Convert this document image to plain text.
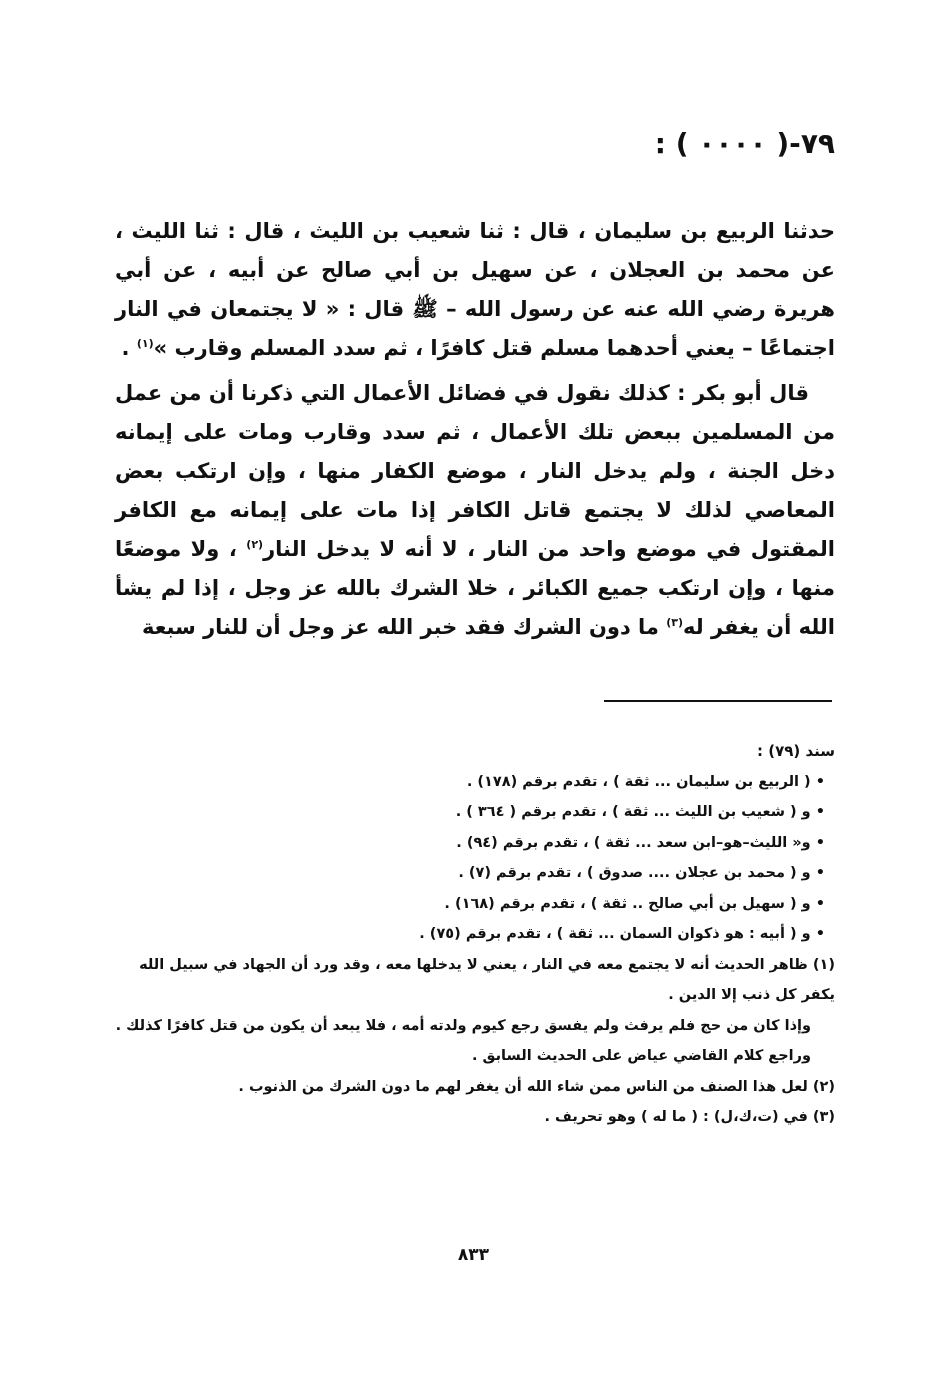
٧٩-( ٠٠٠٠ ) :

حدثنا الربيع بن سليمان ، قال : ثنا شعيب بن الليث ، قال : ثنا الليث ، عن محمد بن العجلان ، عن سهيل بن أبي صالح عن أبيه ، عن أبي هريرة رضي الله عنه عن رسول الله – ﷺ قال : « لا يجتمعان في النار اجتماعًا – يعني أحدهما مسلم قتل كافرًا ، ثم سدد المسلم وقارب »$^{(١)}$ .

قال أبو بكر : كذلك نقول في فضائل الأعمال التي ذكرنا أن من عمل من المسلمين ببعض تلك الأعمال ، ثم سدد وقارب ومات على إيمانه دخل الجنة ، ولم يدخل النار ، موضع الكفار منها ، وإن ارتكب بعض المعاصي لذلك لا يجتمع قاتل الكافر إذا مات على إيمانه مع الكافر المقتول في موضع واحد من النار ، لا أنه لا يدخل النار$^{(٢)}$ ، ولا موضعًا منها ، وإن ارتكب جميع الكبائر ، خلا الشرك بالله عز وجل ، إذا لم يشأ الله أن يغفر له$^{(٣)}$ ما دون الشرك فقد خبر الله عز وجل أن للنار سبعة

سند (٧٩) :
• ( الربيع بن سليمان ... ثقة ) ، تقدم برقم (١٧٨) .
• و ( شعيب بن الليث ... ثقة ) ، تقدم برقم ( ٣٦٤ ) .
• و« الليث–هو–ابن سعد ... ثقة ) ، تقدم برقم (٩٤) .
• و ( محمد بن عجلان .... صدوق ) ، تقدم برقم (٧) .
• و ( سهيل بن أبي صالح .. ثقة ) ، تقدم برقم (١٦٨) .
• و ( أبيه : هو ذكوان السمان ... ثقة ) ، تقدم برقم (٧٥) .
(١) ظاهر الحديث أنه لا يجتمع معه في النار ، يعني لا يدخلها معه ، وقد ورد أن الجهاد في سبيل الله يكفر كل ذنب إلا الدين .
وإذا كان من حج فلم يرفث ولم يفسق رجع كيوم ولدته أمه ، فلا يبعد أن يكون من قتل كافرًا كذلك .
وراجع كلام القاضي عياض على الحديث السابق .
(٢) لعل هذا الصنف من الناس ممن شاء الله أن يغفر لهم ما دون الشرك من الذنوب .
(٣) في (ت،ك،ل) : ( ما له ) وهو تحريف .
٨٣٣
